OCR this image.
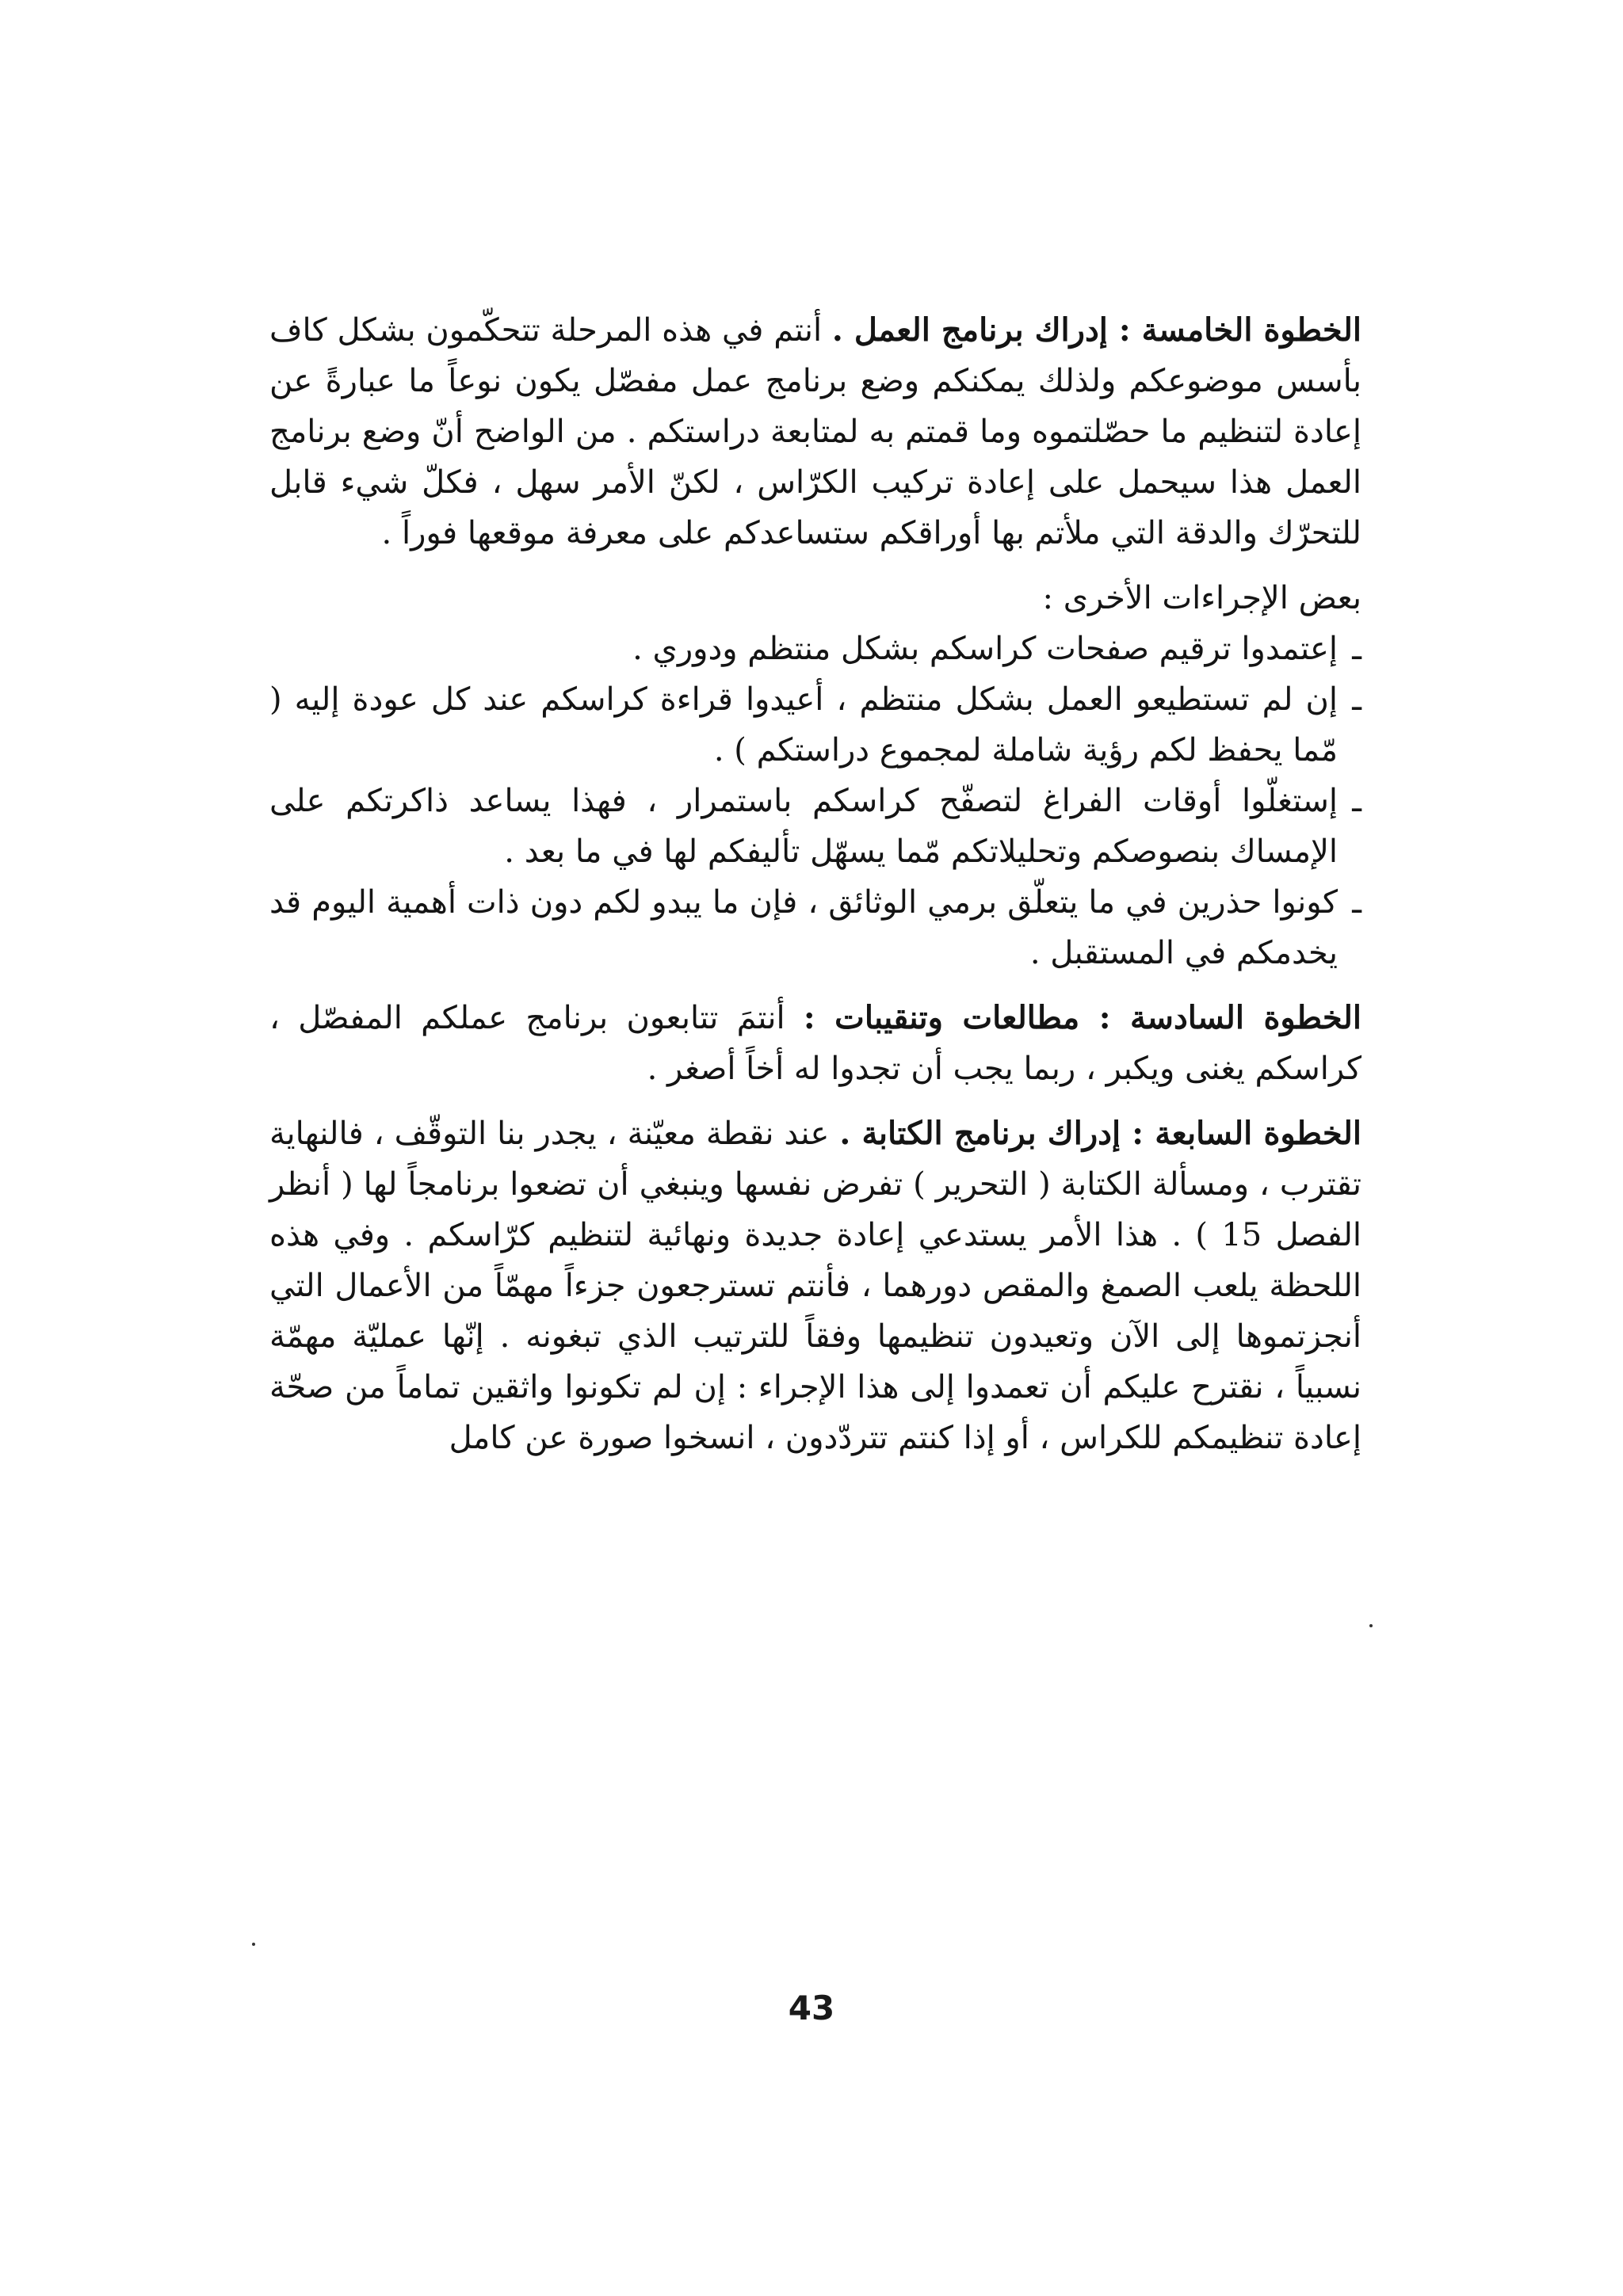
الخطوة الخامسة : إدراك برنامج العمل . أنتم في هذه المرحلة تتحكّمون بشكل كاف بأسس موضوعكم ولذلك يمكنكم وضع برنامج عمل مفصّل يكون نوعاً ما عبارةً عن إعادة لتنظيم ما حصّلتموه وما قمتم به لمتابعة دراستكم . من الواضح أنّ وضع برنامج العمل هذا سيحمل على إعادة تركيب الكرّاس ، لكنّ الأمر سهل ، فكلّ شيء قابل للتحرّك والدقة التي ملأتم بها أوراقكم ستساعدكم على معرفة موقعها فوراً .

بعض الإجراءات الأخرى :

ـ
إعتمدوا ترقيم صفحات كراسكم بشكل منتظم ودوري .
ـ
إن لم تستطيعو العمل بشكل منتظم ، أعيدوا قراءة كراسكم عند كل عودة إليه ( مّما يحفظ لكم رؤية شاملة لمجموع دراستكم ) .
ـ
إستغلّوا أوقات الفراغ لتصفّح كراسكم باستمرار ، فهذا يساعد ذاكرتكم على الإمساك بنصوصكم وتحليلاتكم مّما يسهّل تأليفكم لها في ما بعد .
ـ
كونوا حذرين في ما يتعلّق برمي الوثائق ، فإن ما يبدو لكم دون ذات أهمية اليوم قد يخدمكم في المستقبل .

الخطوة السادسة : مطالعات وتنقيبات : أنتمَ تتابعون برنامج عملكم المفصّل ، كراسكم يغنى ويكبر ، ربما يجب أن تجدوا له أخاً أصغر .

الخطوة السابعة : إدراك برنامج الكتابة . عند نقطة معيّنة ، يجدر بنا التوقّف ، فالنهاية تقترب ، ومسألة الكتابة ( التحرير ) تفرض نفسها وينبغي أن تضعوا برنامجاً لها ( أنظر الفصل 15 ) . هذا الأمر يستدعي إعادة جديدة ونهائية لتنظيم كرّاسكم . وفي هذه اللحظة يلعب الصمغ والمقص دورهما ، فأنتم تسترجعون جزءاً مهمّاً من الأعمال التي أنجزتموها إلى الآن وتعيدون تنظيمها وفقاً للترتيب الذي تبغونه . إنّها عمليّة مهمّة نسبياً ، نقترح عليكم أن تعمدوا إلى هذا الإجراء : إن لم تكونوا واثقين تماماً من صحّة إعادة تنظيمكم للكراس ، أو إذا كنتم تتردّدون ، انسخوا صورة عن كامل

43
